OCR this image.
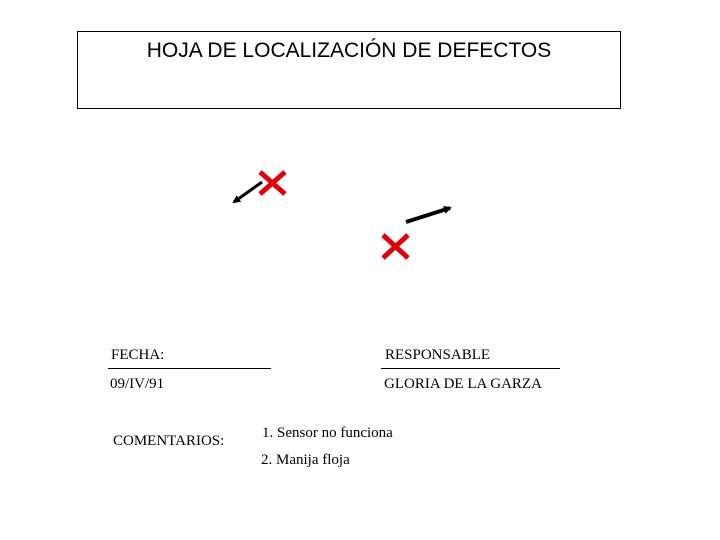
HOJA DE LOCALIZACIÓN DE DEFECTOS
FECHA:
09/IV/91
RESPONSABLE
GLORIA DE LA GARZA
COMENTARIOS:	1. Sensor no funciona
2. Manija floja
